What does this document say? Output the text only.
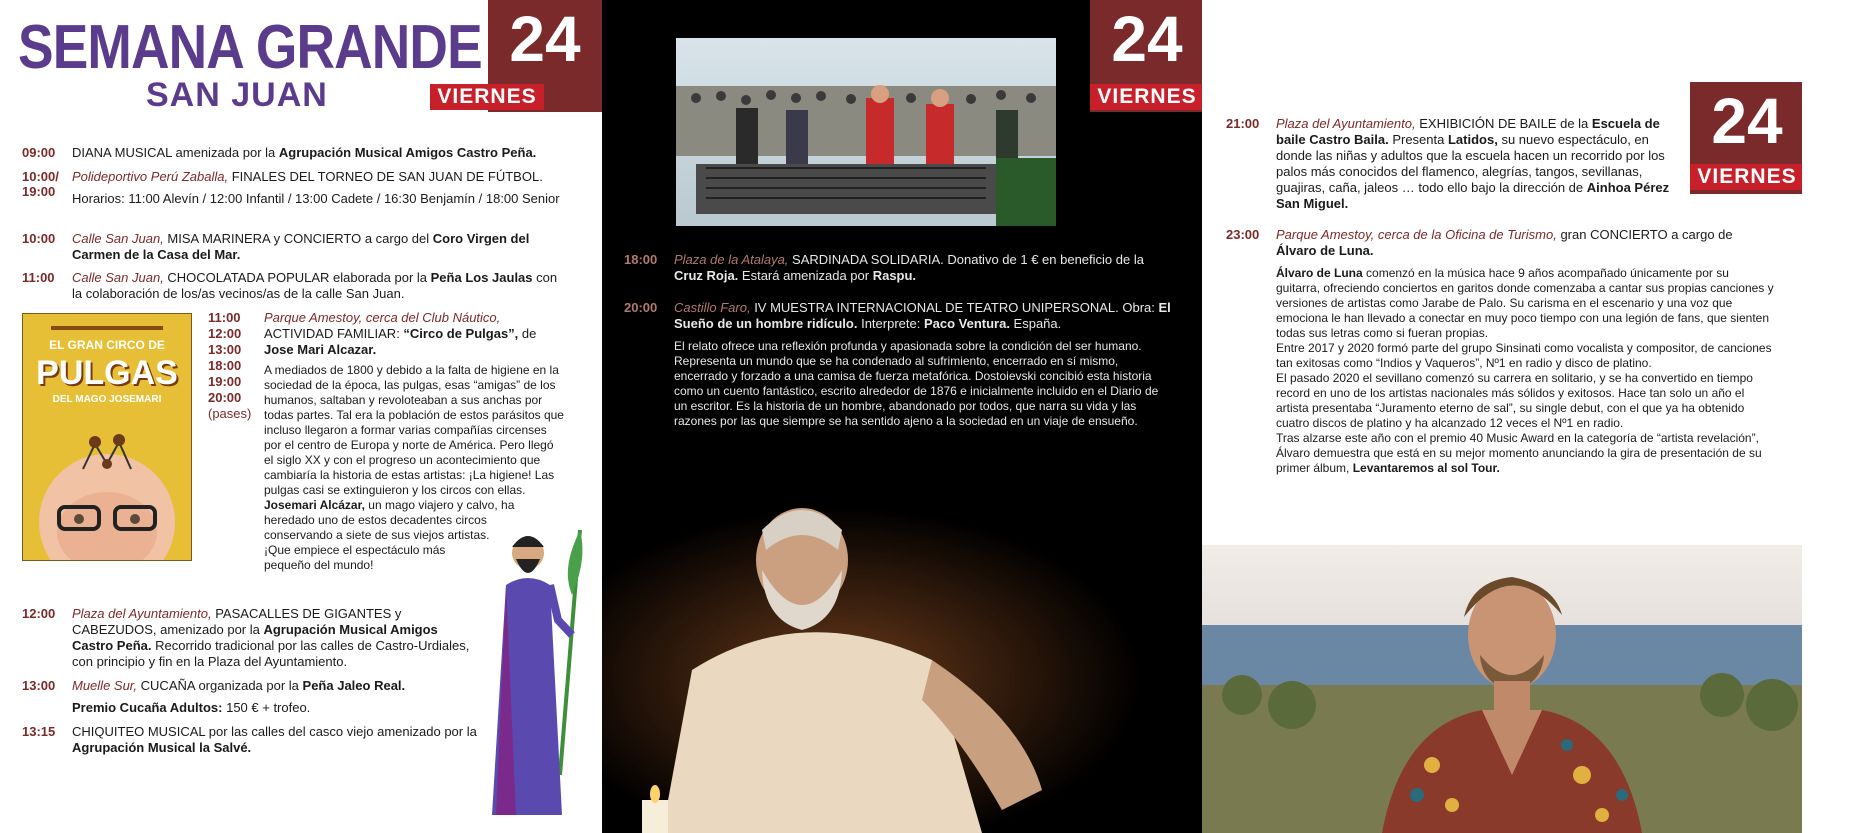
SEMANA GRANDE
SAN JUAN
24
VIERNES
09:00 DIANA MUSICAL amenizada por la Agrupación Musical Amigos Castro Peña.
10:00/ 19:00
Polideportivo Perú Zaballa, FINALES DEL TORNEO DE SAN JUAN DE FÚTBOL.
Horarios: 11:00 Alevín / 12:00 Infantil / 13:00 Cadete / 16:30 Benjamín / 18:00 Senior
10:00 Calle San Juan, MISA MARINERA y CONCIERTO a cargo del Coro Virgen del Carmen de la Casa del Mar.
11:00 Calle San Juan, CHOCOLATADA POPULAR elaborada por la Peña Los Jaulas con la colaboración de los/as vecinos/as de la calle San Juan.
EL GRAN CIRCO DE
PULGAS
DEL MAGO JOSEMARI
11:00
12:00
13:00
18:00
19:00
20:00
(pases)
Parque Amestoy, cerca del Club Náutico,
ACTIVIDAD FAMILIAR: “Circo de Pulgas”, de
Jose Mari Alcazar.
A mediados de 1800 y debido a la falta de higiene en la sociedad de la época, las pulgas, esas “amigas” de los humanos, saltaban y revoloteaban a sus anchas por todas partes. Tal era la población de estos parásitos que incluso llegaron a formar varias compañías circenses por el centro de Europa y norte de América. Pero llegó el siglo XX y con el progreso un acontecimiento que cambiaría la historia de estas artistas: ¡La higiene! Las pulgas casi se extinguieron y los circos con ellas.
Josemari Alcázar, un mago viajero y calvo, ha heredado uno de estos decadentes circos conservando a siete de sus viejos artistas.
¡Que empiece el espectáculo más pequeño del mundo!
12:00 Plaza del Ayuntamiento, PASACALLES DE GIGANTES y CABEZUDOS, amenizado por la Agrupación Musical Amigos Castro Peña. Recorrido tradicional por las calles de Castro-Urdiales, con principio y fin en la Plaza del Ayuntamiento.
13:00 Muelle Sur, CUCAÑA organizada por la Peña Jaleo Real.
Premio Cucaña Adultos: 150 € + trofeo.
13:15 CHIQUITEO MUSICAL por las calles del casco viejo amenizado por la Agrupación Musical la Salvé.
24
VIERNES
18:00 Plaza de la Atalaya, SARDINADA SOLIDARIA. Donativo de 1 € en beneficio de la Cruz Roja. Estará amenizada por Raspu.
20:00 Castillo Faro, IV MUESTRA INTERNACIONAL DE TEATRO UNIPERSONAL. Obra: El Sueño de un hombre ridículo. Interprete: Paco Ventura. España.
El relato ofrece una reflexión profunda y apasionada sobre la condición del ser humano. Representa un mundo que se ha condenado al sufrimiento, encerrado en sí mismo, encerrado y forzado a una camisa de fuerza metafórica. Dostoievski concibió esta historia como un cuento fantástico, escrito alrededor de 1876 e inicialmente incluido en el Diario de un escritor. Es la historia de un hombre, abandonado por todos, que narra su vida y las razones por las que siempre se ha sentido ajeno a la sociedad en un viaje de ensueño.
24
VIERNES
21:00 Plaza del Ayuntamiento, EXHIBICIÓN DE BAILE de la Escuela de baile Castro Baila. Presenta Latidos, su nuevo espectáculo, en donde las niñas y adultos que la escuela hacen un recorrido por los palos más conocidos del flamenco, alegrías, tangos, sevillanas, guajiras, caña, jaleos … todo ello bajo la dirección de Ainhoa Pérez San Miguel.
23:00 Parque Amestoy, cerca de la Oficina de Turismo, gran CONCIERTO a cargo de Álvaro de Luna.
Álvaro de Luna comenzó en la música hace 9 años acompañado únicamente por su guitarra, ofreciendo conciertos en garitos donde comenzaba a cantar sus propias canciones y versiones de artistas como Jarabe de Palo. Su carisma en el escenario y una voz que emociona le han llevado a conectar en muy poco tiempo con una legión de fans, que sienten todas sus letras como si fueran propias.
Entre 2017 y 2020 formó parte del grupo Sinsinati como vocalista y compositor, de canciones tan exitosas como “Indios y Vaqueros”, Nº1 en radio y disco de platino.
El pasado 2020 el sevillano comenzó su carrera en solitario, y se ha convertido en tiempo record en uno de los artistas nacionales más sólidos y exitosos. Hace tan solo un año el artista presentaba “Juramento eterno de sal”, su single debut, con el que ya ha obtenido cuatro discos de platino y ha alcanzado 12 veces el Nº1 en radio.
Tras alzarse este año con el premio 40 Music Award en la categoría de “artista revelación”, Álvaro demuestra que está en su mejor momento anunciando la gira de presentación de su primer álbum, Levantaremos al sol Tour.
